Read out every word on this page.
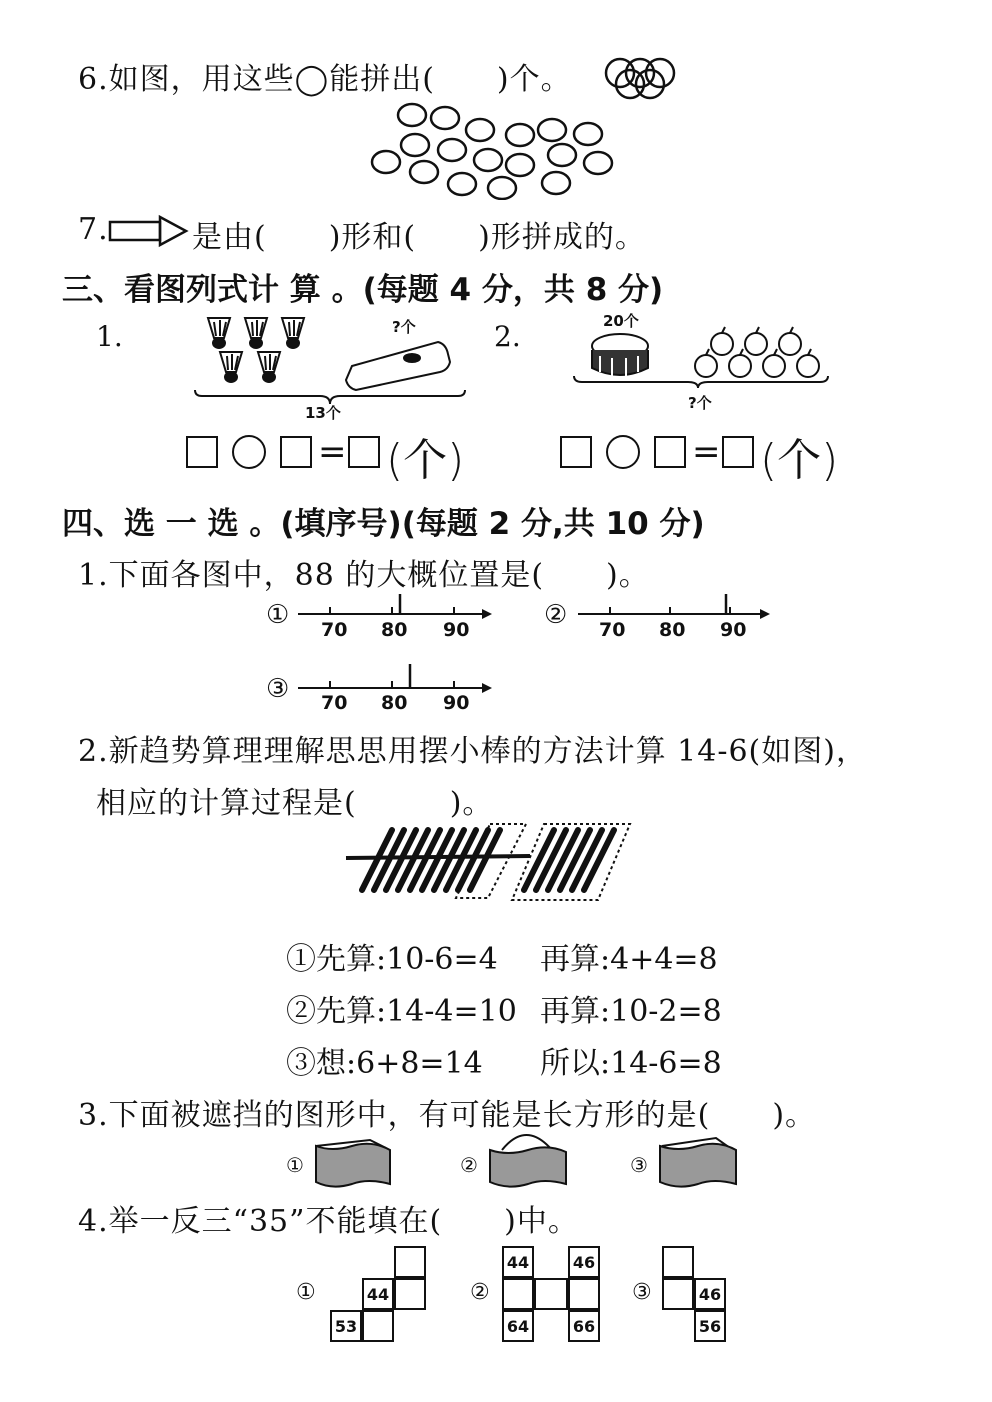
6.如图，用这些◯能拼出(　　)个。
7.	是由(　　)形和(　　)形拼成的。
三、看图列式计 算 。(每题 4 分，共 8 分)
1.	?个
13个
2.	20个
?个
= (个)	= (个)
四、选 一 选 。(填序号)(每题 2 分,共 10 分)
1.下面各图中，88 的大概位置是(　　)。
① 70 80 90	② 70 80 90
③ 70 80 90
2.新趋势算理理解思思用摆小棒的方法计算 14-6(如图)，
相应的计算过程是(　　　)。
①先算:10-6=4 再算:4+4=8
②先算:14-4=10 再算:10-2=8
③想:6+8=14 所以:14-6=8
3.下面被遮挡的图形中，有可能是长方形的是(　　)。
①	②	③
4.举一反三“35”不能填在(　　)中。
①	44
53
②
44	46
64	66
③	46
56
